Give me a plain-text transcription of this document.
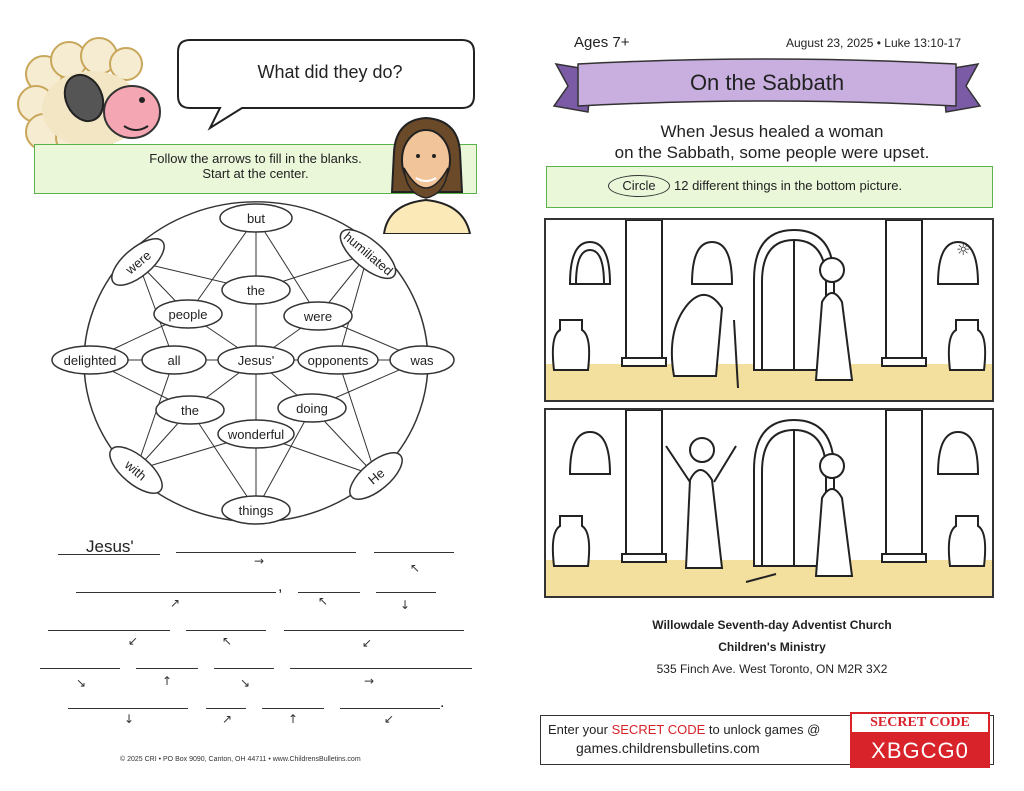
What did they do?
Follow the arrows to fill in the blanks.
Start at the center.
but
humiliated
was
He
things
with
delighted
were
the
were
opponents
doing
wonderful
the
all
people
Jesus'
Jesus'
→	↖
,
↗	↖	↓
↙	↖	↙
↘	↑	↘	→
.
↓	↗	↑	↙
© 2025 CRI • PO Box 9090, Canton, OH 44711 • www.ChildrensBulletins.com
Ages 7+	August 23, 2025 • Luke 13:10-17
On the Sabbath
When Jesus healed a woman
on the Sabbath, some people were upset.
Circle	12 different things in the bottom picture.
☼
Willowdale Seventh-day Adventist Church
Children's Ministry
535 Finch Ave. West Toronto, ON M2R 3X2
Enter your SECRET CODE to unlock games @
games.childrensbulletins.com
SECRET CODE
XBGCG0
